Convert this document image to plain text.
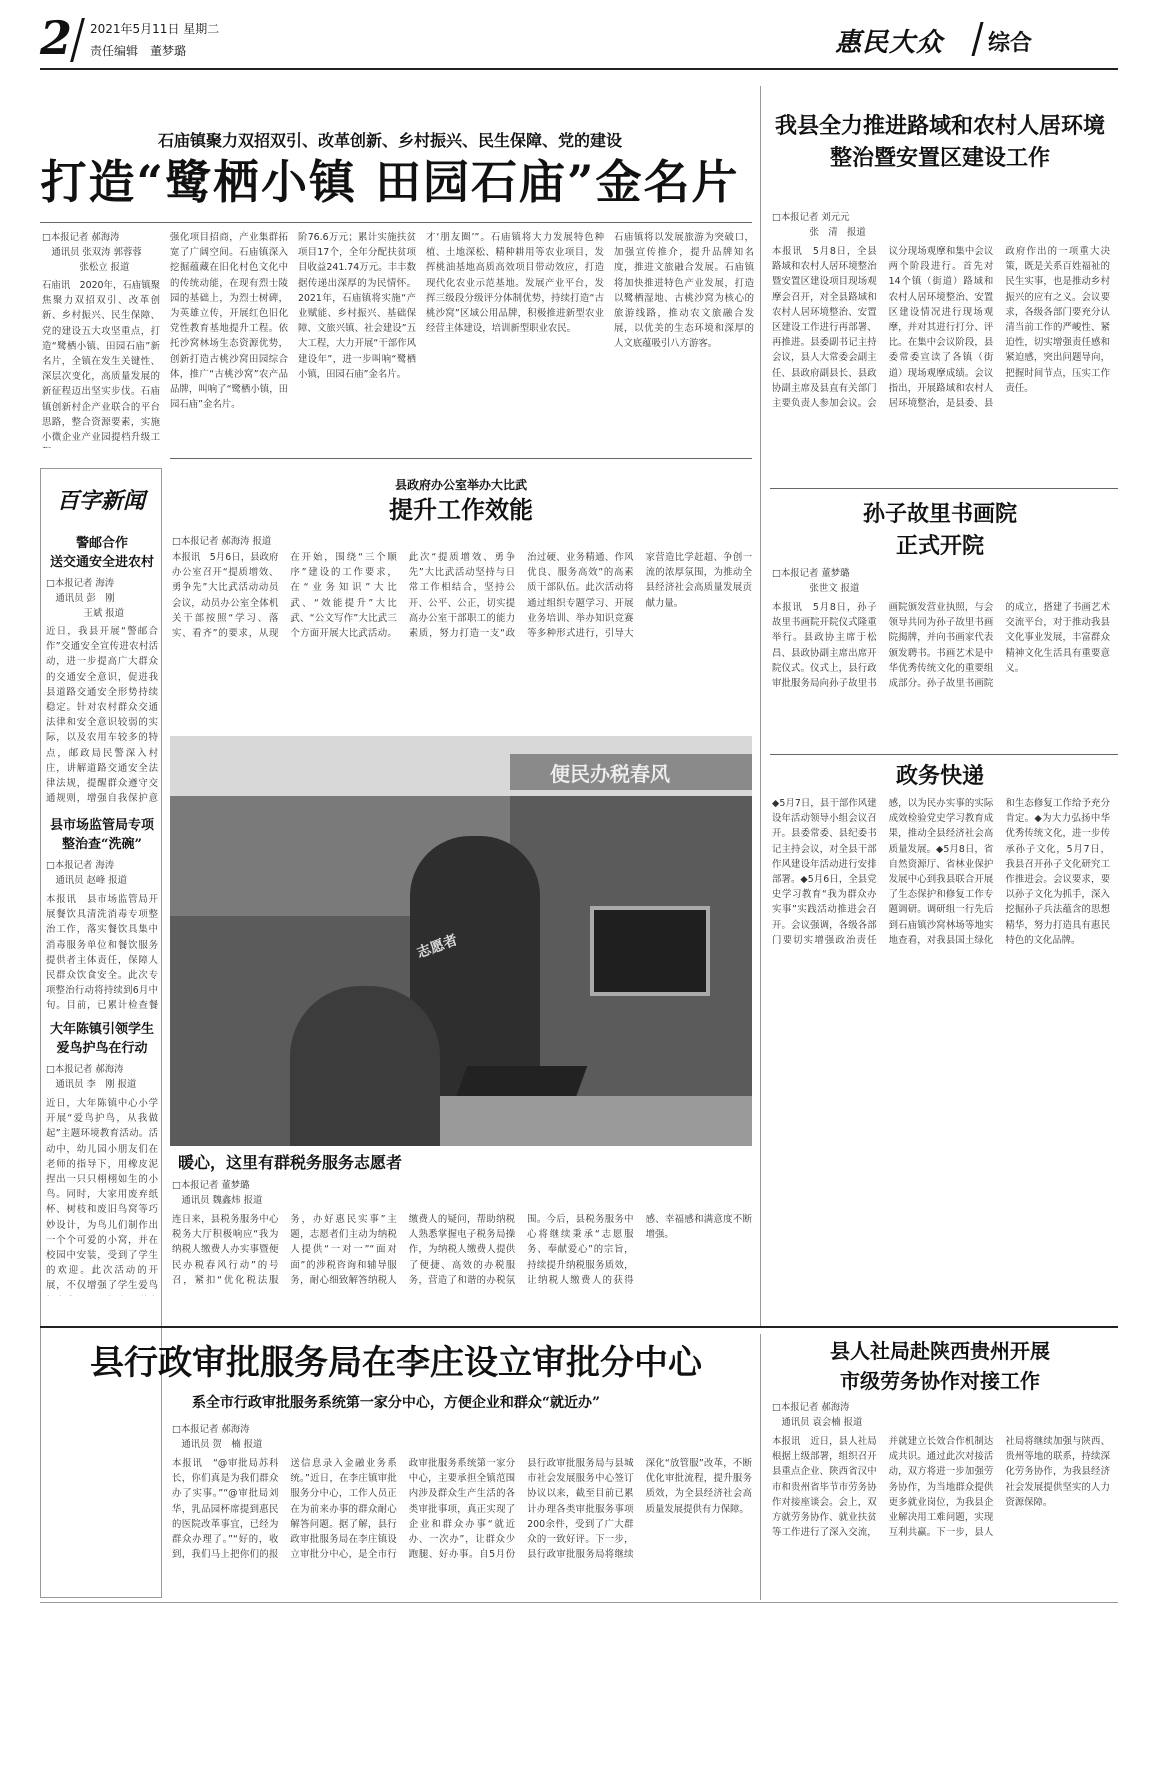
2 2021年5月11日 星期二
责任编辑　董梦璐	惠民大众 综合
石庙镇聚力双招双引、改革创新、乡村振兴、民生保障、党的建设
打造“鹭栖小镇 田园石庙”金名片
□本报记者 郝海涛
　通讯员 张双涛 郭蓉蓉
　　　　张松立 报道
石庙讯　2020年，石庙镇聚焦聚力双招双引、改革创新、乡村振兴、民生保障、党的建设五大攻坚重点，打造“鹭栖小镇、田园石庙”新名片，全镇在发生关键性、深层次变化，高质量发展的新征程迈出坚实步伐。石庙镇创新村企产业联合的平台思路，整合资源要素，实施小微企业产业园提档升级工
强化项目招商，产业集群拓宽了广阔空间。石庙镇深入挖掘蕴藏在旧化村色文化中的传统动能，在现有烈士陵园的基础上，为烈士树碑，为英雄立传，开展红色旧化党性教育基地提升工程。依托沙窝林场生态资源优势，创新打造古桃沙窝田园综合体，推广“古桃沙窝”农产品品牌，叫响了“鹭栖小镇，田园石庙”金名片。
阶76.6万元；累计实施扶贫项目17个，全年分配扶贫项目收益241.74万元。丰丰数据传递出深厚的为民情怀。2021年，石庙镇将实施“产业赋能、乡村振兴、基础保障、文旅兴镇、社会建设”五大工程，大力开展“干部作风建设年”，进一步叫响“鹭栖小镇，田园石庙”金名片。
才‘朋友圈’”。石庙镇将大力发展特色种植、土地深松、精种耕用等农业项目，发挥桃油基地高质高效项目带动效应，打造现代化农业示范基地。发展产业平台，发挥三级段分级评分体制优势，持续打造“古桃沙窝”区域公用品牌，积极推进新型农业经营主体建设，培训新型职业农民。
石庙镇将以发展旅游为突破口，加强宣传推介，提升品牌知名度，推进文旅融合发展。石庙镇将加快推进特色产业发展，打造以鹭栖湿地、古桃沙窝为核心的旅游线路，推动农文旅融合发展，以优美的生态环境和深厚的人文底蕴吸引八方游客。
我县全力推进路域和农村人居环境整治暨安置区建设工作
□本报记者 刘元元
　　　　张　清　报道
本报讯　5月8日，全县路域和农村人居环境整治暨安置区建设项目现场观摩会召开，对全县路域和农村人居环境整治、安置区建设工作进行再部署、再推进。县委副书记主持会议，县人大常委会副主任、县政府副县长、县政协副主席及县直有关部门主要负责人参加会议。会议分现场观摩和集中会议两个阶段进行。首先对14个镇（街道）路域和农村人居环境整治、安置区建设情况进行现场观摩，并对其进行打分、评比。在集中会议阶段，县委常委宣读了各镇（街道）现场观摩成绩。会议指出，开展路域和农村人居环境整治，是县委、县政府作出的一项重大决策，既是关系百姓福祉的民生实事，也是推动乡村振兴的应有之义。会议要求，各级各部门要充分认清当前工作的严峻性、紧迫性，切实增强责任感和紧迫感，突出问题导向，把握时间节点，压实工作责任。
百字新闻
警邮合作
送交通安全进农村
□本报记者 海涛
　通讯员 彭　刚
　　　　王斌 报道
近日，我县开展“警邮合作”交通安全宣传进农村活动，进一步提高广大群众的交通安全意识，促进我县道路交通安全形势持续稳定。针对农村群众交通法律和安全意识较弱的实际，以及农用车较多的特点，邮政局民警深入村庄，讲解道路交通安全法律法规，提醒群众遵守交通规则，增强自我保护意
县市场监管局专项
整治查“洗碗”
□本报记者 海涛
　通讯员 赵峰 报道
本报讯　县市场监管局开展餐饮具清洗消毒专项整治工作，落实餐饮具集中消毒服务单位和餐饮服务提供者主体责任，保障人民群众饮食安全。此次专项整治行动将持续到6月中旬。目前，已累计检查餐
大年陈镇引领学生
爱鸟护鸟在行动
□本报记者 郝海涛
　通讯员 李　刚 报道
近日，大年陈镇中心小学开展“爱鸟护鸟，从我做起”主题环境教育活动。活动中，幼儿园小朋友们在老师的指导下，用橡皮泥捏出一只只栩栩如生的小鸟。同时，大家用废弃纸杯、树枝和废旧鸟窝等巧妙设计，为鸟儿们制作出一个个可爱的小窝，并在校园中安装，受到了学生的欢迎。此次活动的开展，不仅增强了学生爱鸟
县政府办公室举办大比武
提升工作效能
□本报记者 郝海涛 报道
本报讯　5月6日，县政府办公室召开“提质增效、勇争先”大比武活动动员会议，动员办公室全体机关干部按照“学习、落实、看齐”的要求，从现在开始，围绕“三个顺序”建设的工作要求，在“业务知识”大比武、“效能提升”大比武、“公文写作”大比武三个方面开展大比武活动。此次“提质增效、勇争先”大比武活动坚持与日常工作相结合，坚持公开、公平、公正，切实提高办公室干部职工的能力素质，努力打造一支“政治过硬、业务精通、作风优良、服务高效”的高素质干部队伍。此次活动将通过组织专题学习、开展业务培训、举办知识竞赛等多种形式进行，引导大家营造比学赶超、争创一流的浓厚氛围，为推动全县经济社会高质量发展贡献力量。
便民办税春风
志愿者
暖心，这里有群税务服务志愿者
□本报记者 董梦璐
　通讯员 魏鑫炜 报道
连日来，县税务服务中心税务大厅积极响应“我为纳税人缴费人办实事暨便民办税春风行动”的号召，紧扣“优化税法服务，办好惠民实事”主题，志愿者们主动为纳税人提供“一对一”“面对面”的涉税咨询和辅导服务，耐心细致解答纳税人缴费人的疑问，帮助纳税人熟悉掌握电子税务局操作，为纳税人缴费人提供了便捷、高效的办税服务，营造了和谐的办税氛围。今后，县税务服务中心将继续秉承“志愿服务、奉献爱心”的宗旨，持续提升纳税服务质效，让纳税人缴费人的获得感、幸福感和满意度不断增强。
孙子故里书画院
正式开院
□本报记者 董梦璐
　　　　张世文 报道
本报讯　5月8日，孙子故里书画院开院仪式隆重举行。县政协主席于松昌、县政协副主席出席开院仪式。仪式上，县行政审批服务局向孙子故里书画院颁发营业执照，与会领导共同为孙子故里书画院揭牌，并向书画家代表颁发聘书。书画艺术是中华优秀传统文化的重要组成部分。孙子故里书画院的成立，搭建了书画艺术交流平台，对于推动我县文化事业发展，丰富群众精神文化生活具有重要意义。
政务快递
◆5月7日，县干部作风建设年活动领导小组会议召开。县委常委、县纪委书记主持会议，对全县干部作风建设年活动进行安排部署。◆5月6日，全县党史学习教育“我为群众办实事”实践活动推进会召开。会议强调，各级各部门要切实增强政治责任感，以为民办实事的实际成效检验党史学习教育成果，推动全县经济社会高质量发展。◆5月8日，省自然资源厅、省林业保护发展中心到我县联合开展了生态保护和修复工作专题调研。调研组一行先后到石庙镇沙窝林场等地实地查看，对我县国土绿化和生态修复工作给予充分肯定。◆为大力弘扬中华优秀传统文化，进一步传承孙子文化，5月7日，我县召开孙子文化研究工作推进会。会议要求，要以孙子文化为抓手，深入挖掘孙子兵法蕴含的思想精华，努力打造具有惠民特色的文化品牌。
县行政审批服务局在李庄设立审批分中心
系全市行政审批服务系统第一家分中心，方便企业和群众“就近办”
□本报记者 郝海涛
　通讯员 贺　楠 报道
本报讯　“@审批局苏科长，你们真是为我们群众办了实事。”“@审批局刘华，乳品园杯席提到惠民的医院改革事宜，已经为群众办理了。”“好的，收到，我们马上把你们的报送信息录入金融业务系统。”近日，在李庄镇审批服务分中心，工作人员正在为前来办事的群众耐心解答问题。据了解，县行政审批服务局在李庄镇设立审批分中心，是全市行政审批服务系统第一家分中心，主要承担全镇范围内涉及群众生产生活的各类审批事项，真正实现了企业和群众办事“就近办、一次办”，让群众少跑腿、好办事。自5月份县行政审批服务局与县城市社会发展服务中心签订协议以来，截至目前已累计办理各类审批服务事项200余件，受到了广大群众的一致好评。下一步，县行政审批服务局将继续深化“放管服”改革，不断优化审批流程，提升服务质效，为全县经济社会高质量发展提供有力保障。
县人社局赴陕西贵州开展
市级劳务协作对接工作
□本报记者 郝海涛
　通讯员 袁会楠 报道
本报讯　近日，县人社局根据上级部署，组织召开县重点企业、陕西省汉中市和贵州省毕节市劳务协作对接座谈会。会上，双方就劳务协作、就业扶贫等工作进行了深入交流，并就建立长效合作机制达成共识。通过此次对接活动，双方将进一步加强劳务协作，为当地群众提供更多就业岗位，为我县企业解决用工难问题，实现互利共赢。下一步，县人社局将继续加强与陕西、贵州等地的联系，持续深化劳务协作，为我县经济社会发展提供坚实的人力资源保障。
